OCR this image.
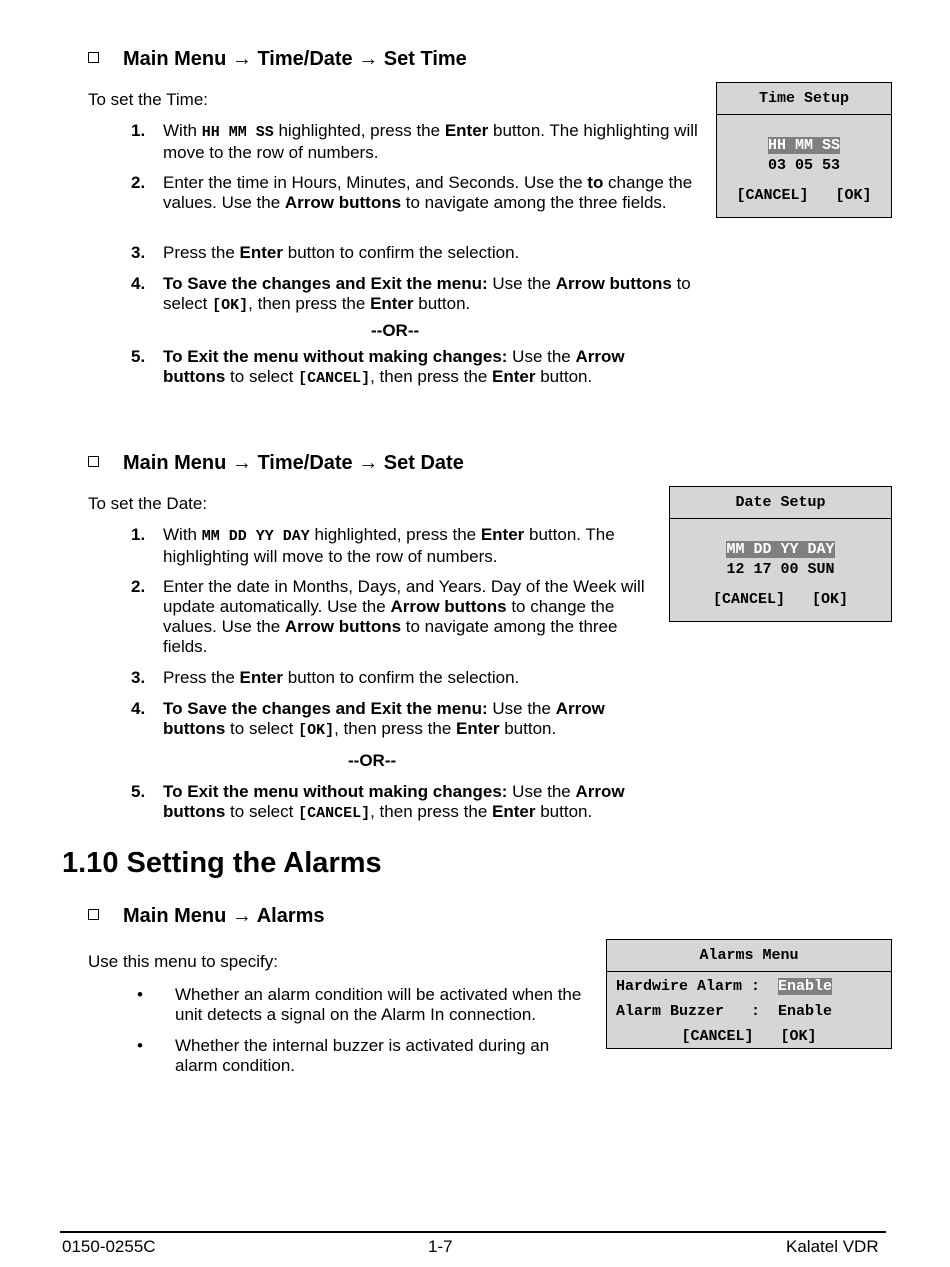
Main Menu → Time/Date → Set Time
To set the Time:
1.	With HH MM SS highlighted, press the Enter button. The highlighting will move to the row of numbers.
2.	Enter the time in Hours, Minutes, and Seconds. Use the to change the values. Use the Arrow buttons to navigate among the three fields.
3.	Press the Enter button to confirm the selection.
4.	To Save the changes and Exit the menu: Use the Arrow buttons to select [OK], then press the Enter button.
--OR--
5.	To Exit the menu without making changes: Use the Arrow buttons to select [CANCEL], then press the Enter button.
Time Setup
HH MM SS
03 05 53
[CANCEL] [OK]
Main Menu → Time/Date → Set Date
To set the Date:
1.	With MM DD YY DAY highlighted, press the Enter button. The highlighting will move to the row of numbers.
2.	Enter the date in Months, Days, and Years. Day of the Week will update automatically. Use the Arrow buttons to change the values. Use the Arrow buttons to navigate among the three fields.
3.	Press the Enter button to confirm the selection.
4.	To Save the changes and Exit the menu: Use the Arrow buttons to select [OK], then press the Enter button.
--OR--
5.	To Exit the menu without making changes: Use the Arrow buttons to select [CANCEL], then press the Enter button.
Date Setup
MM DD YY DAY
12 17 00 SUN
[CANCEL] [OK]
1.10 Setting the Alarms
Main Menu → Alarms
Use this menu to specify:
• Whether an alarm condition will be activated when the unit detects a signal on the Alarm In connection.
• Whether the internal buzzer is activated during an alarm condition.
Alarms Menu
Hardwire Alarm : Enable
Alarm Buzzer   : Enable
[CANCEL] [OK]
0150-0255C	1-7	Kalatel VDR
